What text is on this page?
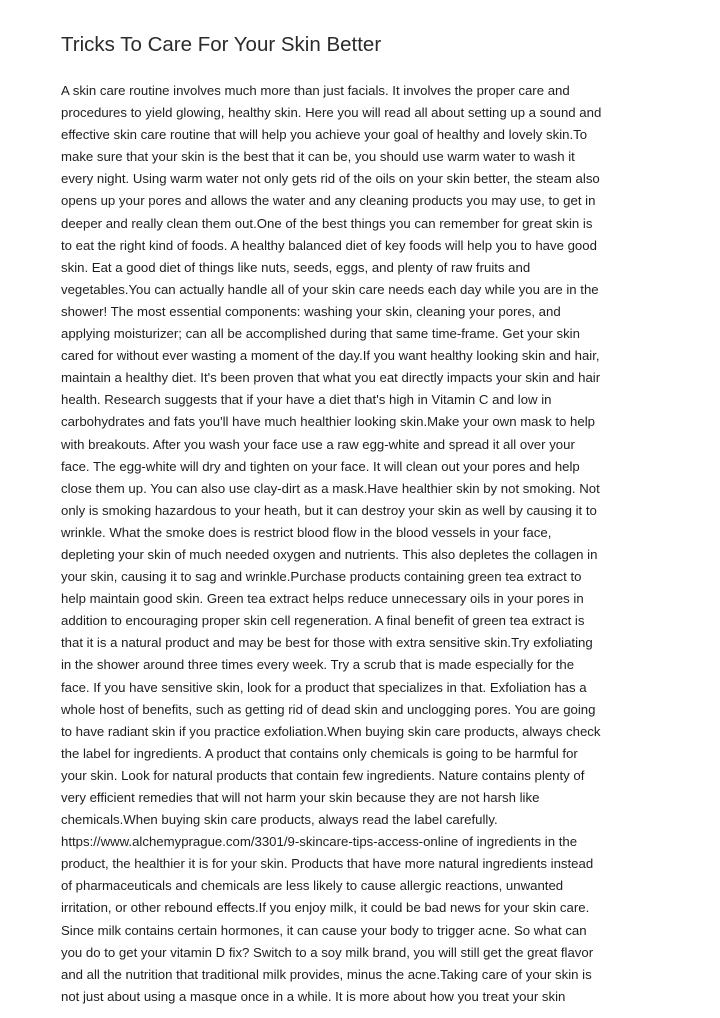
Tricks To Care For Your Skin Better
A skin care routine involves much more than just facials. It involves the proper care and
procedures to yield glowing, healthy skin. Here you will read all about setting up a sound and
effective skin care routine that will help you achieve your goal of healthy and lovely skin.To
make sure that your skin is the best that it can be, you should use warm water to wash it
every night. Using warm water not only gets rid of the oils on your skin better, the steam also
opens up your pores and allows the water and any cleaning products you may use, to get in
deeper and really clean them out.One of the best things you can remember for great skin is
to eat the right kind of foods. A healthy balanced diet of key foods will help you to have good
skin. Eat a good diet of things like nuts, seeds, eggs, and plenty of raw fruits and
vegetables.You can actually handle all of your skin care needs each day while you are in the
shower! The most essential components: washing your skin, cleaning your pores, and
applying moisturizer; can all be accomplished during that same time-frame. Get your skin
cared for without ever wasting a moment of the day.If you want healthy looking skin and hair,
maintain a healthy diet. It's been proven that what you eat directly impacts your skin and hair
health. Research suggests that if your have a diet that's high in Vitamin C and low in
carbohydrates and fats you'll have much healthier looking skin.Make your own mask to help
with breakouts. After you wash your face use a raw egg-white and spread it all over your
face. The egg-white will dry and tighten on your face. It will clean out your pores and help
close them up. You can also use clay-dirt as a mask.Have healthier skin by not smoking. Not
only is smoking hazardous to your heath, but it can destroy your skin as well by causing it to
wrinkle. What the smoke does is restrict blood flow in the blood vessels in your face,
depleting your skin of much needed oxygen and nutrients. This also depletes the collagen in
your skin, causing it to sag and wrinkle.Purchase products containing green tea extract to
help maintain good skin. Green tea extract helps reduce unnecessary oils in your pores in
addition to encouraging proper skin cell regeneration. A final benefit of green tea extract is
that it is a natural product and may be best for those with extra sensitive skin.Try exfoliating
in the shower around three times every week. Try a scrub that is made especially for the
face. If you have sensitive skin, look for a product that specializes in that. Exfoliation has a
whole host of benefits, such as getting rid of dead skin and unclogging pores. You are going
to have radiant skin if you practice exfoliation.When buying skin care products, always check
the label for ingredients. A product that contains only chemicals is going to be harmful for
your skin. Look for natural products that contain few ingredients. Nature contains plenty of
very efficient remedies that will not harm your skin because they are not harsh like
chemicals.When buying skin care products, always read the label carefully.
https://www.alchemyprague.com/3301/9-skincare-tips-access-online of ingredients in the
product, the healthier it is for your skin. Products that have more natural ingredients instead
of pharmaceuticals and chemicals are less likely to cause allergic reactions, unwanted
irritation, or other rebound effects.If you enjoy milk, it could be bad news for your skin care.
Since milk contains certain hormones, it can cause your body to trigger acne. So what can
you do to get your vitamin D fix? Switch to a soy milk brand, you will still get the great flavor
and all the nutrition that traditional milk provides, minus the acne.Taking care of your skin is
not just about using a masque once in a while. It is more about how you treat your skin
